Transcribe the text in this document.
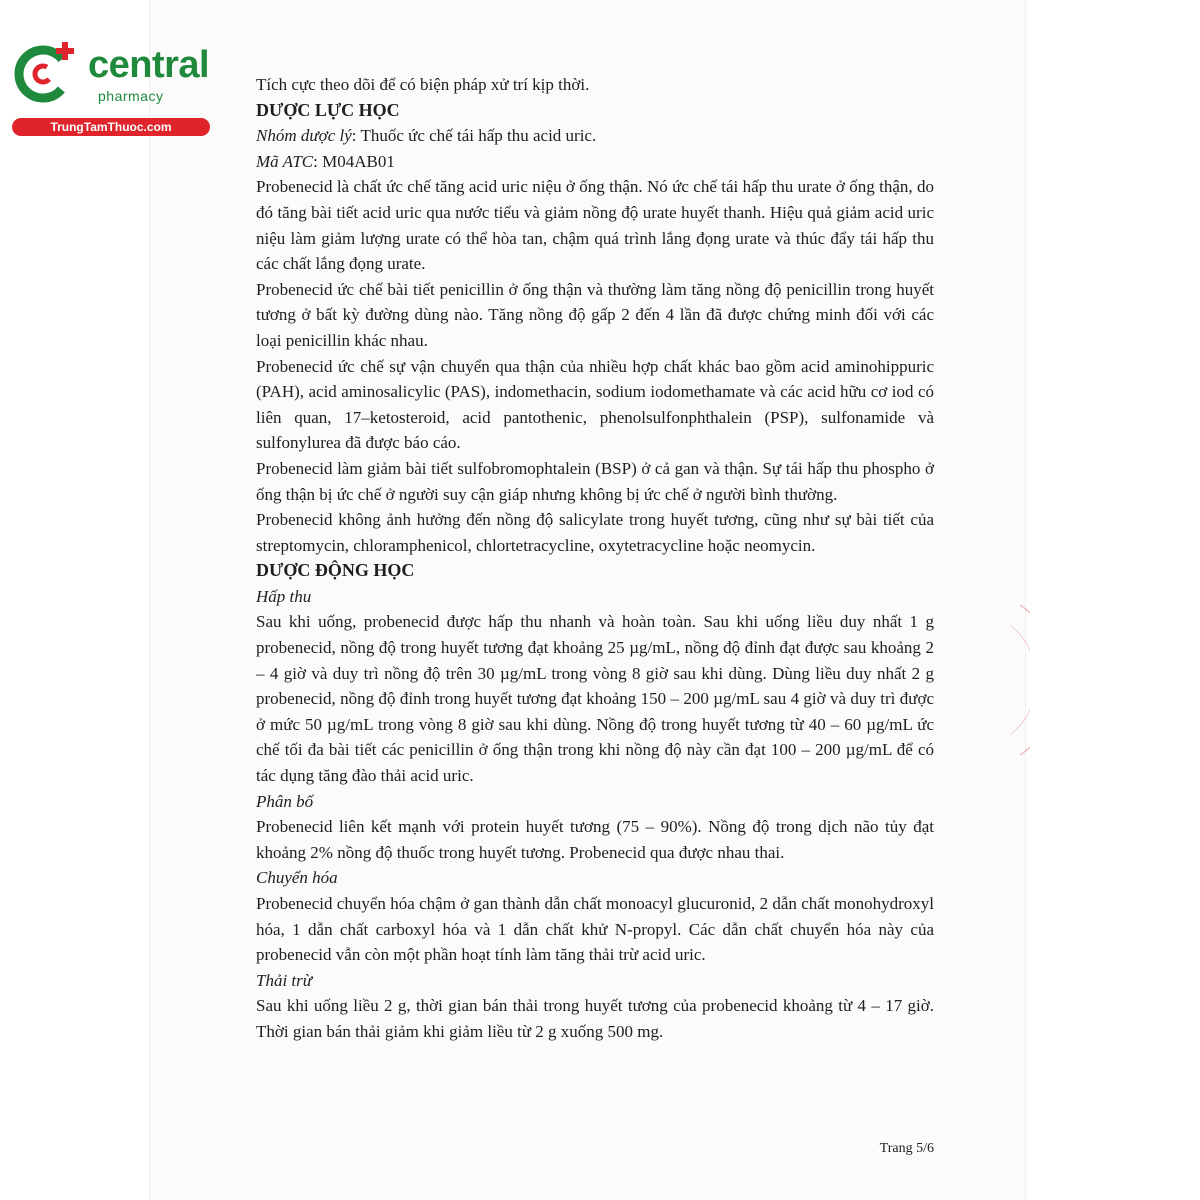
central
pharmacy
TrungTamThuoc.com

Tích cực theo dõi để có biện pháp xử trí kịp thời.

DƯỢC LỰC HỌC

Nhóm dược lý: Thuốc ức chế tái hấp thu acid uric.

Mã ATC: M04AB01

Probenecid là chất ức chế tăng acid uric niệu ở ống thận. Nó ức chế tái hấp thu urate ở ống thận, do đó tăng bài tiết acid uric qua nước tiểu và giảm nồng độ urate huyết thanh. Hiệu quả giảm acid uric niệu làm giảm lượng urate có thể hòa tan, chậm quá trình lắng đọng urate và thúc đẩy tái hấp thu các chất lắng đọng urate.

Probenecid ức chế bài tiết penicillin ở ống thận và thường làm tăng nồng độ penicillin trong huyết tương ở bất kỳ đường dùng nào. Tăng nồng độ gấp 2 đến 4 lần đã được chứng minh đối với các loại penicillin khác nhau.

Probenecid ức chế sự vận chuyển qua thận của nhiều hợp chất khác bao gồm acid aminohippuric (PAH), acid aminosalicylic (PAS), indomethacin, sodium iodomethamate và các acid hữu cơ iod có liên quan, 17–ketosteroid, acid pantothenic, phenolsulfonphthalein (PSP), sulfonamide và sulfonylurea đã được báo cáo.

Probenecid làm giảm bài tiết sulfobromophtalein (BSP) ở cả gan và thận. Sự tái hấp thu phospho ở ống thận bị ức chế ở người suy cận giáp nhưng không bị ức chế ở người bình thường.

Probenecid không ảnh hưởng đến nồng độ salicylate trong huyết tương, cũng như sự bài tiết của streptomycin, chloramphenicol, chlortetracycline, oxytetracycline hoặc neomycin.

DƯỢC ĐỘNG HỌC

Hấp thu

Sau khi uống, probenecid được hấp thu nhanh và hoàn toàn. Sau khi uống liều duy nhất 1 g probenecid, nồng độ trong huyết tương đạt khoảng 25 µg/mL, nồng độ đỉnh đạt được sau khoảng 2 – 4 giờ và duy trì nồng độ trên 30 µg/mL trong vòng 8 giờ sau khi dùng. Dùng liều duy nhất 2 g probenecid, nồng độ đỉnh trong huyết tương đạt khoảng 150 – 200 µg/mL sau 4 giờ và duy trì được ở mức 50 µg/mL trong vòng 8 giờ sau khi dùng. Nồng độ trong huyết tương từ 40 – 60 µg/mL ức chế tối đa bài tiết các penicillin ở ống thận trong khi nồng độ này cần đạt 100 – 200 µg/mL để có tác dụng tăng đào thải acid uric.

Phân bố

Probenecid liên kết mạnh với protein huyết tương (75 – 90%). Nồng độ trong dịch não tủy đạt khoảng 2% nồng độ thuốc trong huyết tương. Probenecid qua được nhau thai.

Chuyển hóa

Probenecid chuyển hóa chậm ở gan thành dẫn chất monoacyl glucuronid, 2 dẫn chất monohydroxyl hóa, 1 dẫn chất carboxyl hóa và 1 dẫn chất khử N-propyl. Các dẫn chất chuyển hóa này của probenecid vẫn còn một phần hoạt tính làm tăng thải trừ acid uric.

Thải trừ

Sau khi uống liều 2 g, thời gian bán thải trong huyết tương của probenecid khoảng từ 4 – 17 giờ. Thời gian bán thải giảm khi giảm liều từ 2 g xuống 500 mg.

Trang 5/6
